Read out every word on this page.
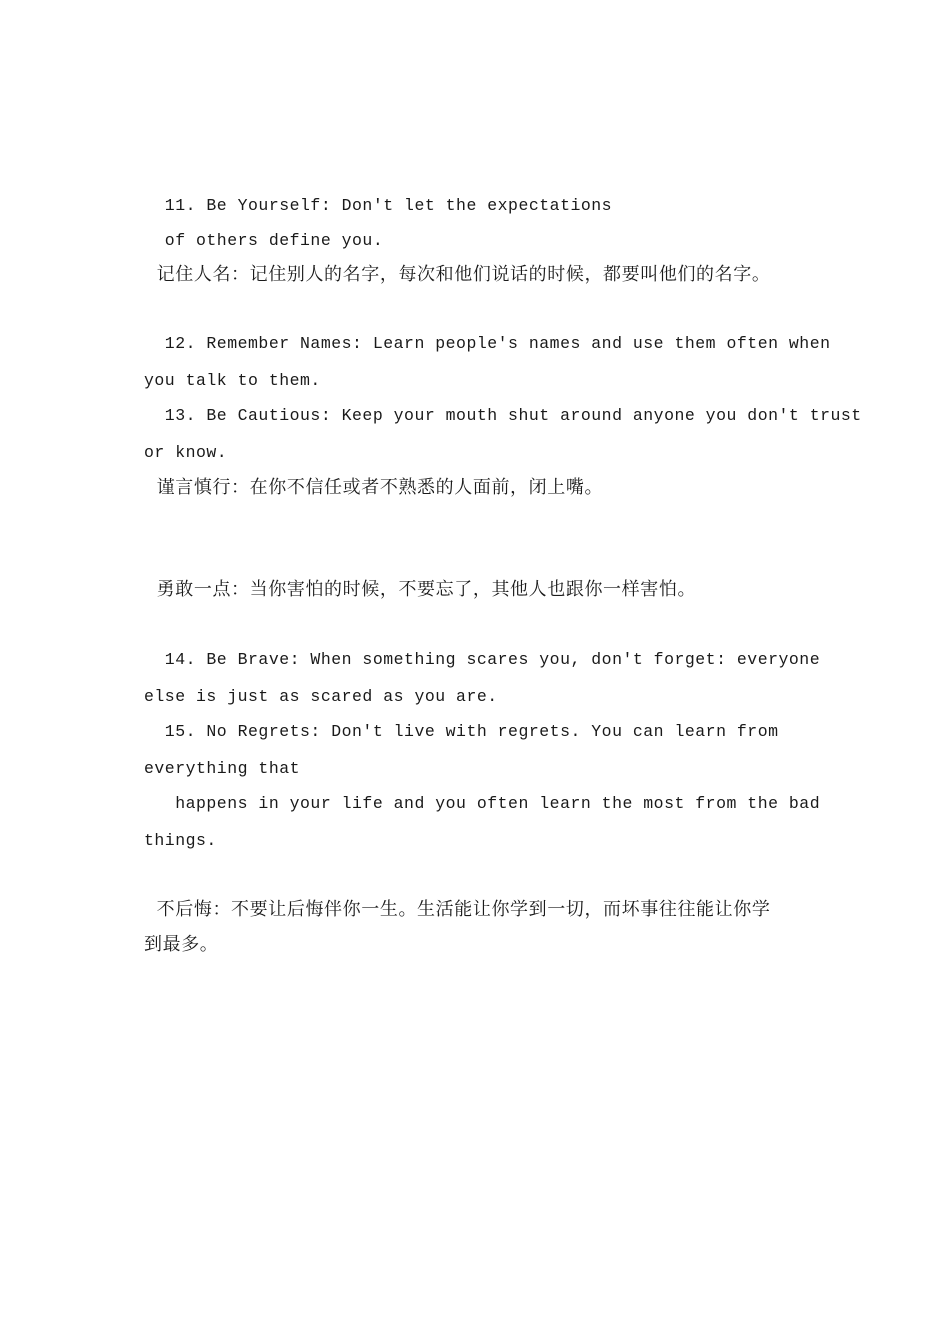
11. Be Yourself: Don't let the expectations
of others define you.
记住人名：记住别人的名字，每次和他们说话的时候，都要叫他们的名字。
12. Remember Names: Learn people's names and use them often when
you talk to them.
13. Be Cautious: Keep your mouth shut around anyone you don't trust
or know.
谨言慎行：在你不信任或者不熟悉的人面前，闭上嘴。
勇敢一点：当你害怕的时候，不要忘了，其他人也跟你一样害怕。
14. Be Brave: When something scares you, don't forget: everyone
else is just as scared as you are.
15. No Regrets: Don't live with regrets. You can learn from
everything that
happens in your life and you often learn the most from the bad
things.
不后悔：不要让后悔伴你一生。生活能让你学到一切，而坏事往往能让你学
到最多。
